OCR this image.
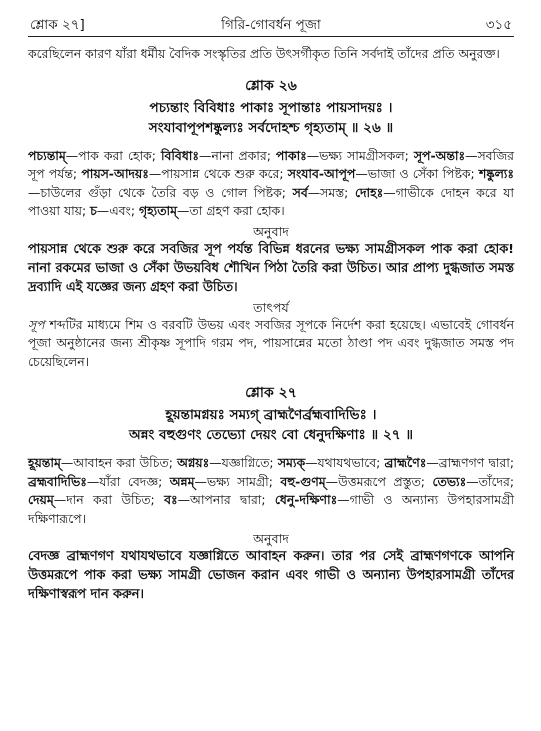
শ্লোক ২৭]	গিরি-গোবর্ধন পূজা	৩১৫

করেছিলেন কারণ যাঁরা ধর্মীয় বৈদিক সংস্কৃতির প্রতি উৎসর্গীকৃত তিনি সর্বদাই তাঁদের প্রতি অনুরক্ত।

শ্লোক ২৬
পচ্যন্তাং বিবিধাঃ পাকাঃ সূপান্তাঃ পায়সাদয়ঃ ।
সংযাবাপূপশষ্কুল্যঃ সর্বদোহশ্চ গৃহ্যতাম্ ॥ ২৬ ॥

পচ্যন্তাম্—পাক করা হোক; বিবিধাঃ—নানা প্রকার; পাকাঃ—ভক্ষ্য সামগ্রীসকল; সূপ-অন্তাঃ—সবজির সূপ পর্যন্ত; পায়স-আদয়ঃ—পায়সান্ন থেকে শুরু করে; সংযাব-আপূপ—ভাজা ও সেঁকা পিষ্টক; শষ্কুল্যঃ—চাউলের গুঁড়া থেকে তৈরি বড় ও গোল পিষ্টক; সর্ব—সমস্ত; দোহঃ—গাভীকে দোহন করে যা পাওয়া যায়; চ—এবং; গৃহ্যতাম্—তা গ্রহণ করা হোক।

অনুবাদ

পায়সান্ন থেকে শুরু করে সবজির সূপ পর্যন্ত বিভিন্ন ধরনের ভক্ষ্য সামগ্রীসকল পাক করা হোক! নানা রকমের ভাজা ও সেঁকা উভয়বিধ শৌখিন পিঠা তৈরি করা উচিত। আর প্রাপ্য দুগ্ধজাত সমস্ত দ্রব্যাদি এই যজ্ঞের জন্য গ্রহণ করা উচিত।

তাৎপর্য

সূপ শব্দটির মাধ্যমে শিম ও বরবটি উভয় এবং সবজির সূপকে নির্দেশ করা হয়েছে। এভাবেই গোবর্ধন পূজা অনুষ্ঠানের জন্য শ্রীকৃষ্ণ সূপাদি গরম পদ, পায়সান্নের মতো ঠাণ্ডা পদ এবং দুগ্ধজাত সমস্ত পদ চেয়েছিলেন।

শ্লোক ২৭
হূয়ন্তামগ্নয়ঃ সম্যগ্ ব্রাহ্মণৈর্ব্রহ্মবাদিভিঃ ।
অন্নং বহুগুণং তেভ্যো দেয়ং বো ধেনুদক্ষিণাঃ ॥ ২৭ ॥

হূয়ন্তাম্—আবাহন করা উচিত; অগ্নয়ঃ—যজ্ঞাগ্নিতে; সম্যক্—যথাযথভাবে; ব্রাহ্মণৈঃ—ব্রাহ্মণগণ দ্বারা; ব্রহ্মবাদিভিঃ—যাঁরা বেদজ্ঞ; অন্নম্—ভক্ষ্য সামগ্রী; বহু-গুণম্—উত্তমরূপে প্রস্তুত; তেভ্যঃ—তাঁদের; দেয়ম্—দান করা উচিত; বঃ—আপনার দ্বারা; ধেনু-দক্ষিণাঃ—গাভী ও অন্যান্য উপহারসামগ্রী দক্ষিণারূপে।

অনুবাদ

বেদজ্ঞ ব্রাহ্মণগণ যথাযথভাবে যজ্ঞাগ্নিতে আবাহন করুন। তার পর সেই ব্রাহ্মণগণকে আপনি উত্তমরূপে পাক করা ভক্ষ্য সামগ্রী ভোজন করান এবং গাভী ও অন্যান্য উপহারসামগ্রী তাঁদের দক্ষিণাস্বরূপ দান করুন।
